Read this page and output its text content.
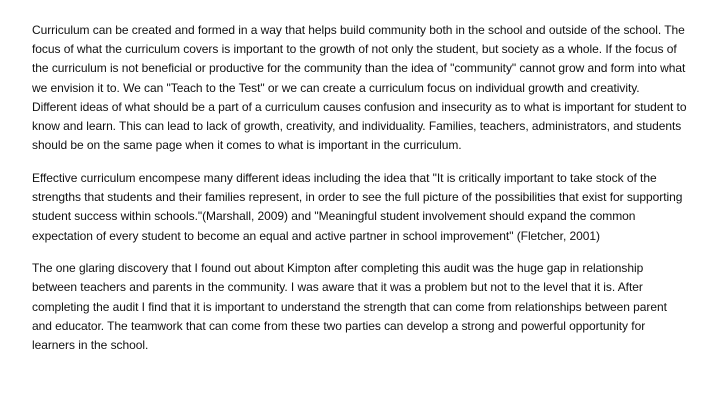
Curriculum can be created and formed in a way that helps build community both in the school and outside of the school. The focus of what the curriculum covers is important to the growth of not only the student, but society as a whole. If the focus of the curriculum is not beneficial or productive for the community than the idea of "community" cannot grow and form into what we envision it to. We can "Teach to the Test" or we can create a curriculum focus on individual growth and creativity. Different ideas of what should be a part of a curriculum causes confusion and insecurity as to what is important for student to know and learn. This can lead to lack of growth, creativity, and individuality. Families, teachers, administrators, and students should be on the same page when it comes to what is important in the curriculum.

Effective curriculum encompese many different ideas including the idea that "It is critically important to take stock of the strengths that students and their families represent, in order to see the full picture of the possibilities that exist for supporting student success within schools."(Marshall, 2009) and "Meaningful student involvement should expand the common expectation of every student to become an equal and active partner in school improvement" (Fletcher, 2001)

The one glaring discovery that I found out about Kimpton after completing this audit was the huge gap in relationship between teachers and parents in the community. I was aware that it was a problem but not to the level that it is. After completing the audit I find that it is important to understand the strength that can come from relationships between parent and educator. The teamwork that can come from these two parties can develop a strong and powerful opportunity for learners in the school.
